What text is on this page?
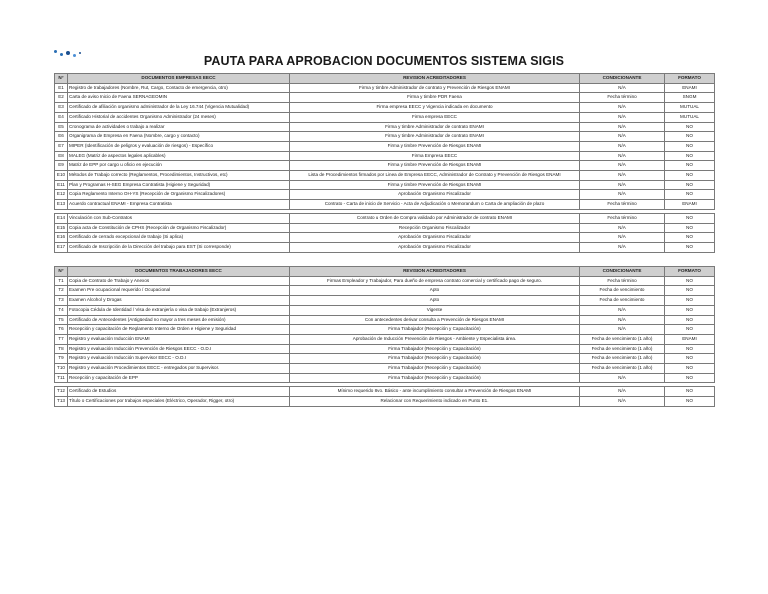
PAUTA PARA APROBACION DOCUMENTOS SISTEMA SIGIS
N°	DOCUMENTOS EMPRESAS EECC	REVISION ACREDITADORES	CONDICIONANTE	FORMATO
E1	Registro de trabajadores (Nombre, Rut, Cargo, Contacto de emergencia, otro)	Firma y timbre Administrador de contrato y Prevención de Riesgos ENAMI	N/A	ENAMI
E2	Carta de aviso Inicio de Faena SERNAGEOMIN	Firma y timbre PDR Faena	Fecha término	SNGM
E3	Certificado de afiliación organismo administrador de la Ley 16.744 (Vigencia Mutualidad)	Firma empresa EECC y Vigencia indicada en documento	N/A	MUTUAL
E4	Certificado Historial de accidentes Organismo Administrador (24 meses)	Firma empresa EECC	N/A	MUTUAL
E5	Cronograma de actividades o trabajo a realizar	Firma y timbre Administrador de contrato ENAMI	N/A	NO
E6	Organigrama de Empresa en Faena (Nombre, cargo y contacto)	Firma y timbre Administrador de contrato ENAMI	N/A	NO
E7	MIPER (Identificación de peligros y evaluación de riesgos) - Específico	Firma y timbre Prevención de Riesgos ENAMI	N/A	NO
E8	MALEG (Matriz de aspectos legales aplicables)	Firma Empresa EECC	N/A	NO
E9	Matriz de EPP por cargo u oficio en ejecución	Firma y timbre Prevención de Riesgos ENAMI	N/A	NO
E10	Métodos de Trabajo correcto (Reglamentos, Procedimientos, Instructivos, etc)	Lista de Procedimientos firmados por Linea de Empresa EECC, Administrador de Contrato y Prevención de Riesgos ENAMI	N/A	NO
E11	Plan y Programas H-SEG Empresa Contratista (Higiene y Seguridad)	Firma y timbre Prevención de Riesgos ENAMI	N/A	NO
E12	Copia Reglamento Interno OH-YS (Recepción de Organismo Fiscalizadores)	Aprobación Organismo Fiscalizador	N/A	NO
E13	Acuerdo contractual ENAMI - Empresa Contratista	Contrato - Carta de inicio de Servicio - Acta de Adjudicación o Memorandum o Carta de ampliación de plazo	Fecha término	ENAMI

E14	Vinculación con Sub-Contratos	Contrato u Orden de Compra validado por Administrador de contrato ENAMI	Fecha término	NO
E15	Copia acta de Constitución de CPHS (Recepción de Organismo Fiscalizador)	Recepción Organismo Fiscalizador	N/A	NO
E16	Certificado de cerrado excepcional de trabajo (Si aplica)	Aprobación Organismo Fiscalizador	N/A	NO
E17	Certificado de Inscripción de la Dirección del trabajo para EST (Si corresponde)	Aprobación Organismo Fiscalizador	N/A	NO
N°	DOCUMENTOS TRABAJADORES EECC	REVISION ACREDITADORES	CONDICIONANTE	FORMATO
T1	Copia de Contrato de Trabajo y Anexos	Firmas Empleador y Trabajador, Para dueño de empresa contrato comercial y certificado pago de seguro.	Fecha término	NO
T2	Examen Pre ocupacional requerido / Ocupacional	Apto	Fecha de vencimiento	NO
T3	Examen Alcohol y Drogas	Apto	Fecha de vencimiento	NO
T4	Fotocopia Cédula de Identidad / Visa de extranjería o visa de trabajo (Extranjeros)	Vigente	N/A	NO
T5	Certificado de Antecedentes (Antigüedad no mayor a tres meses de emisión)	Con antecedentes derivar consulta a Prevención de Riesgos ENAMI	N/A	NO
T6	Recepción y capacitación de Reglamento Interno de Orden e Higiene y Seguridad	Firma Trabajador (Recepción y Capacitación)	N/A	NO
T7	Registro y evaluación Inducción ENAMI	Aprobación de Inducción Prevención de Riesgos - Ambiente y Especialista área.	Fecha de vencimiento (1 año)	ENAMI
T8	Registro y evaluación Inducción Prevención de Riesgos EECC - O.D.I	Firma Trabajador (Recepción y Capacitación)	Fecha de vencimiento (1 año)	NO
T9	Registro y evaluación Inducción Supervisor EECC - O.D.I	Firma Trabajador (Recepción y Capacitación)	Fecha de vencimiento (1 año)	NO
T10	Registro y evaluación Procedimientos EECC - entregados por Supervisor.	Firma Trabajador (Recepción y Capacitación)	Fecha de vencimiento (1 año)	NO
T11	Recepción y capacitación de EPP	Firma Trabajador (Recepción y Capacitación)	N/A	NO

T12	Certificado de Estudios	Mínimo requerido 8vo. Básico - ante incumplimiento consultar a Prevención de Riesgos ENAMI	N/A	NO
T13	Título o Certificaciones por trabajos especiales (Eléctrico, Operador, Rigger, otro)	Relacionar con Requerimiento indicado en Punto E1.	N/A	NO
